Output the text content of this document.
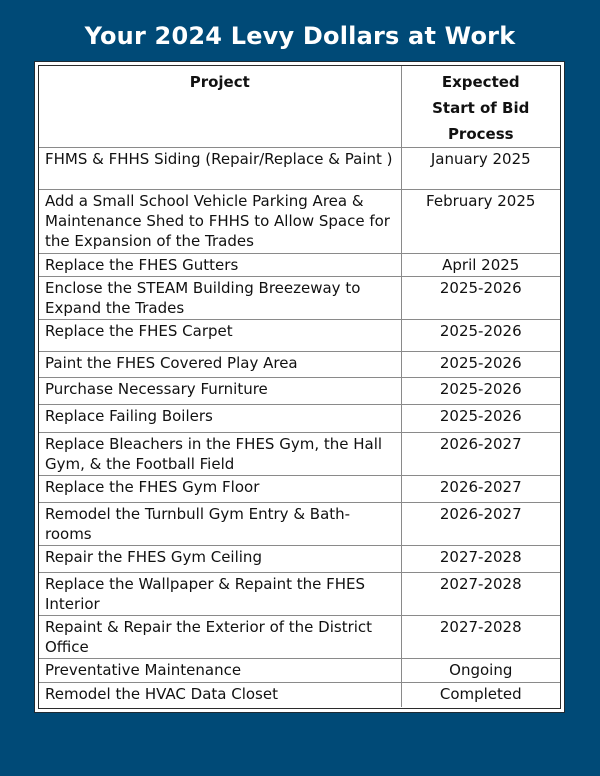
Your 2024 Levy Dollars at Work
Project	Expected
Start of Bid
Process

FHMS & FHHS Siding (Repair/Replace & Paint )	January 2025
Add a Small School Vehicle Parking Area & Maintenance Shed to FHHS to Allow Space for the Expansion of the Trades	February 2025
Replace the FHES Gutters	April 2025
Enclose the STEAM Building Breezeway to Expand the Trades	2025-2026
Replace the FHES Carpet	2025-2026
Paint the FHES Covered Play Area	2025-2026
Purchase Necessary Furniture	2025-2026
Replace Failing Boilers	2025-2026
Replace Bleachers in the FHES Gym, the Hall Gym, & the Football Field	2026-2027
Replace the FHES Gym Floor	2026-2027
Remodel the Turnbull Gym Entry & Bath-rooms	2026-2027
Repair the FHES Gym Ceiling	2027-2028
Replace the Wallpaper & Repaint the FHES Interior	2027-2028
Repaint & Repair the Exterior of the District Office	2027-2028
Preventative Maintenance	Ongoing
Remodel the HVAC Data Closet	Completed
